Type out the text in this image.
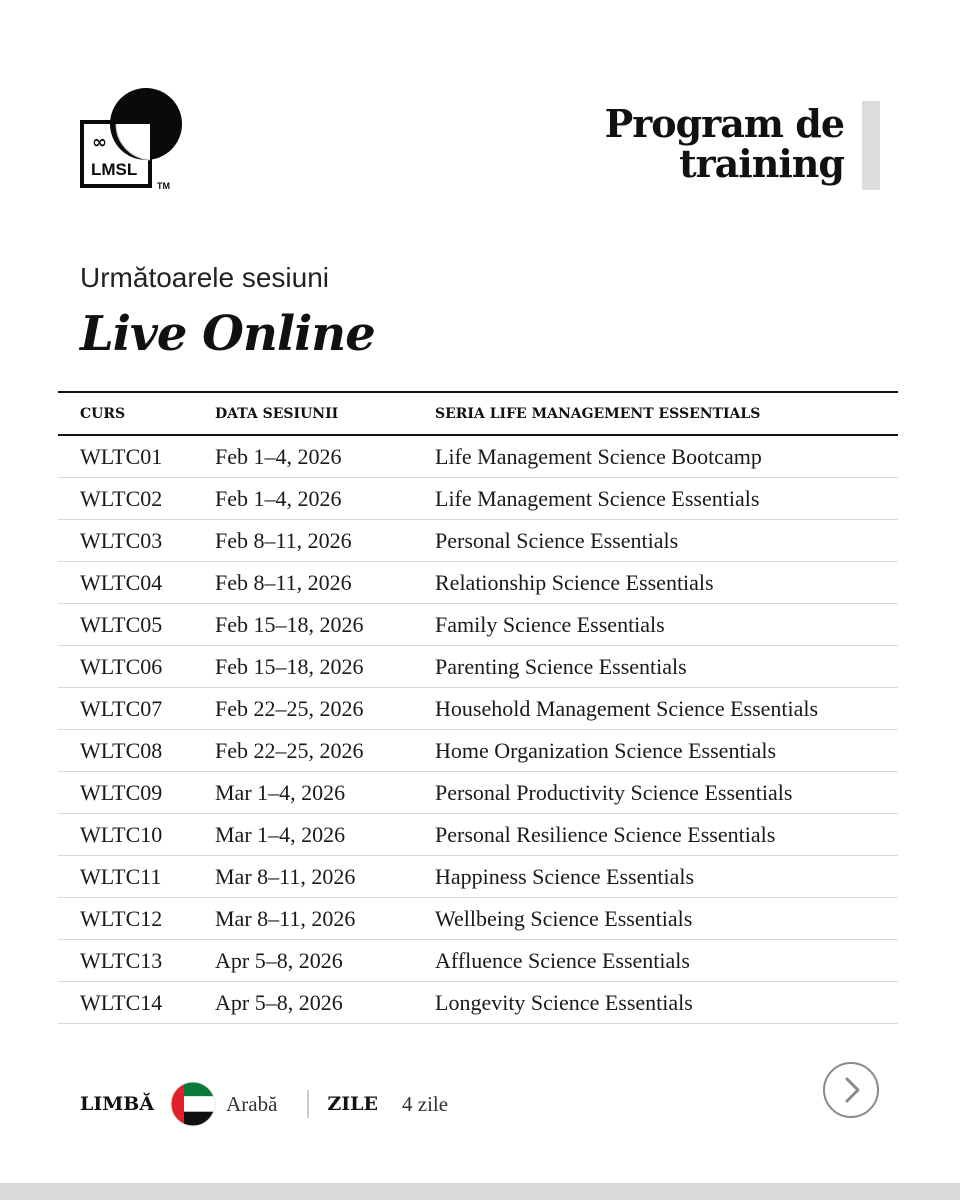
∞
LMSL
TM
Program de
training
Următoarele sesiuni
Live Online
CURS	DATA SESIUNII	SERIA LIFE MANAGEMENT ESSENTIALS
WLTC01	Feb 1–4, 2026	Life Management Science Bootcamp
WLTC02	Feb 1–4, 2026	Life Management Science Essentials
WLTC03	Feb 8–11, 2026	Personal Science Essentials
WLTC04	Feb 8–11, 2026	Relationship Science Essentials
WLTC05	Feb 15–18, 2026	Family Science Essentials
WLTC06	Feb 15–18, 2026	Parenting Science Essentials
WLTC07	Feb 22–25, 2026	Household Management Science Essentials
WLTC08	Feb 22–25, 2026	Home Organization Science Essentials
WLTC09	Mar 1–4, 2026	Personal Productivity Science Essentials
WLTC10	Mar 1–4, 2026	Personal Resilience Science Essentials
WLTC11	Mar 8–11, 2026	Happiness Science Essentials
WLTC12	Mar 8–11, 2026	Wellbeing Science Essentials
WLTC13	Apr 5–8, 2026	Affluence Science Essentials
WLTC14	Apr 5–8, 2026	Longevity Science Essentials
LIMBĂ	Arabă	ZILE 4 zile
